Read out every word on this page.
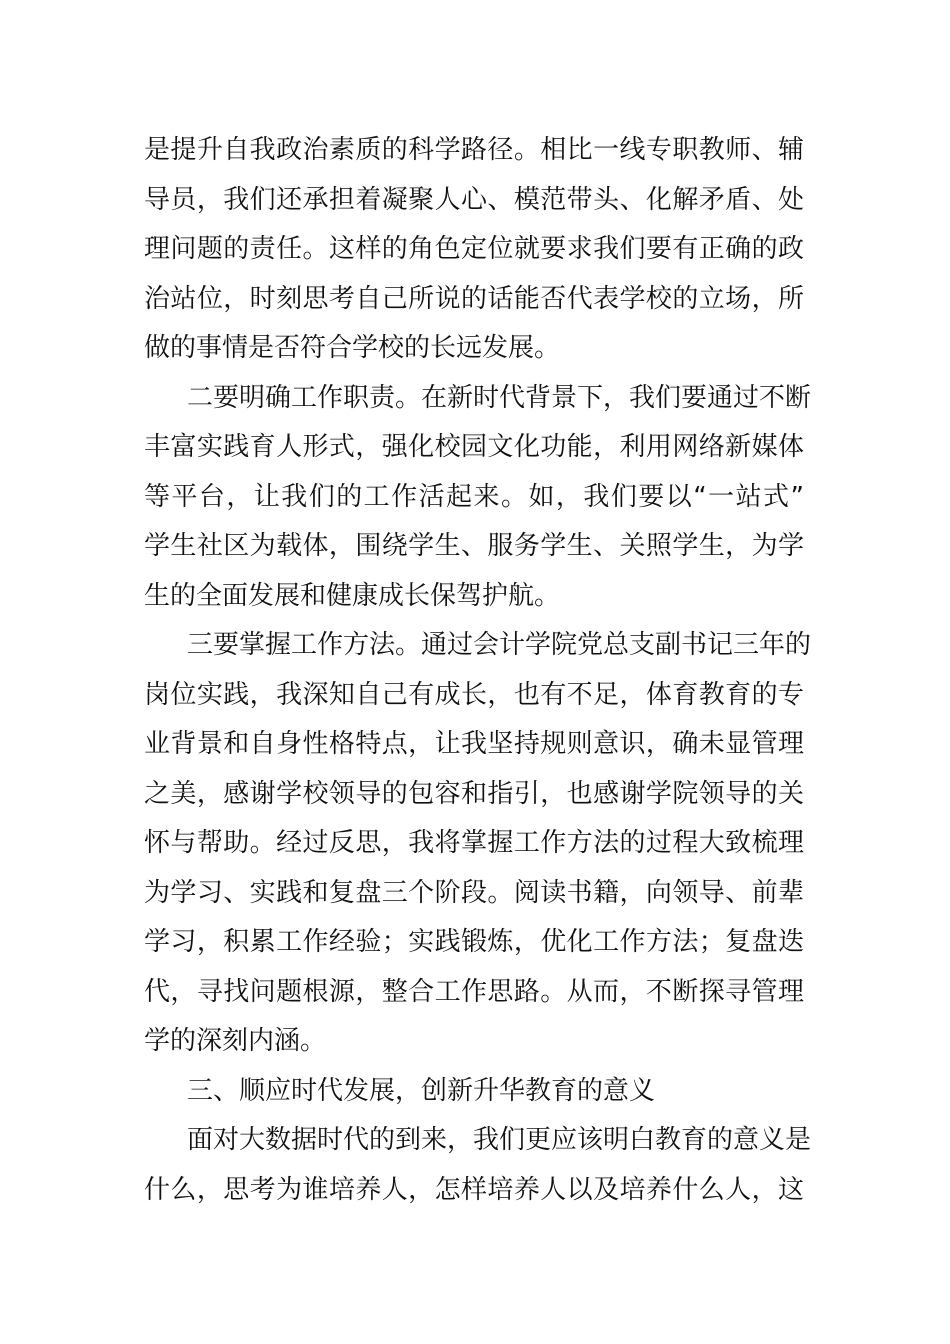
是提升自我政治素质的科学路径。相比一线专职教师、辅
导员，我们还承担着凝聚人心、模范带头、化解矛盾、处
理问题的责任。这样的角色定位就要求我们要有正确的政
治站位，时刻思考自己所说的话能否代表学校的立场，所
做的事情是否符合学校的长远发展。
二要明确工作职责。在新时代背景下，我们要通过不断
丰富实践育人形式，强化校园文化功能，利用网络新媒体
等平台，让我们的工作活起来。如，我们要以“一站式”
学生社区为载体，围绕学生、服务学生、关照学生，为学
生的全面发展和健康成长保驾护航。
三要掌握工作方法。通过会计学院党总支副书记三年的
岗位实践，我深知自己有成长，也有不足，体育教育的专
业背景和自身性格特点，让我坚持规则意识，确未显管理
之美，感谢学校领导的包容和指引，也感谢学院领导的关
怀与帮助。经过反思，我将掌握工作方法的过程大致梳理
为学习、实践和复盘三个阶段。阅读书籍，向领导、前辈
学习，积累工作经验；实践锻炼，优化工作方法；复盘迭
代，寻找问题根源，整合工作思路。从而，不断探寻管理
学的深刻内涵。
三、顺应时代发展，创新升华教育的意义
面对大数据时代的到来，我们更应该明白教育的意义是
什么，思考为谁培养人，怎样培养人以及培养什么人，这
